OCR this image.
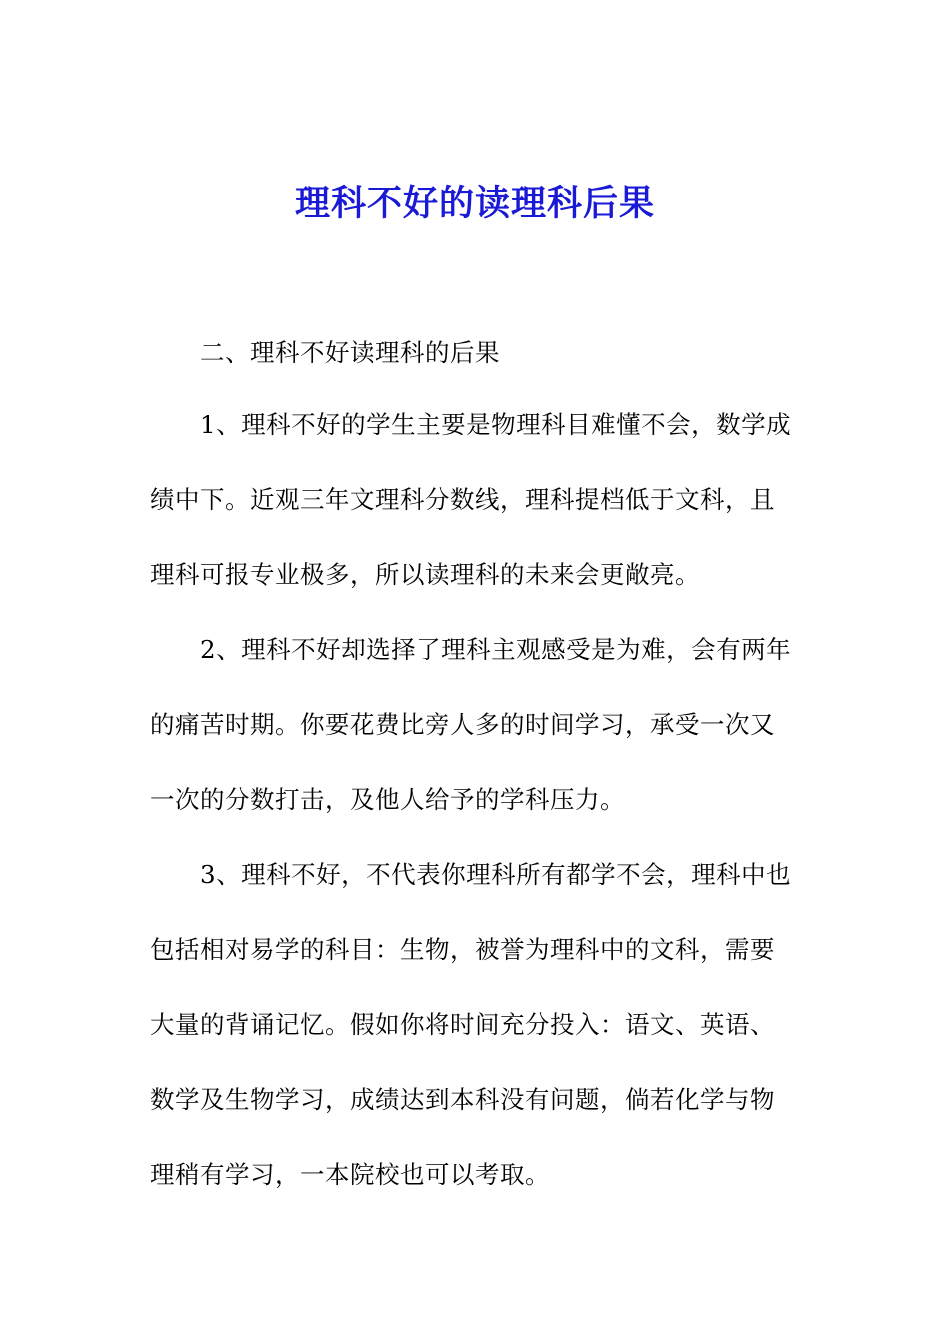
理科不好的读理科后果
二、理科不好读理科的后果
1、理科不好的学生主要是物理科目难懂不会，数学成
绩中下。近观三年文理科分数线，理科提档低于文科，且
理科可报专业极多，所以读理科的未来会更敞亮。
2、理科不好却选择了理科主观感受是为难，会有两年
的痛苦时期。你要花费比旁人多的时间学习，承受一次又
一次的分数打击，及他人给予的学科压力。
3、理科不好，不代表你理科所有都学不会，理科中也
包括相对易学的科目：生物，被誉为理科中的文科，需要
大量的背诵记忆。假如你将时间充分投入：语文、英语、
数学及生物学习，成绩达到本科没有问题，倘若化学与物
理稍有学习，一本院校也可以考取。
